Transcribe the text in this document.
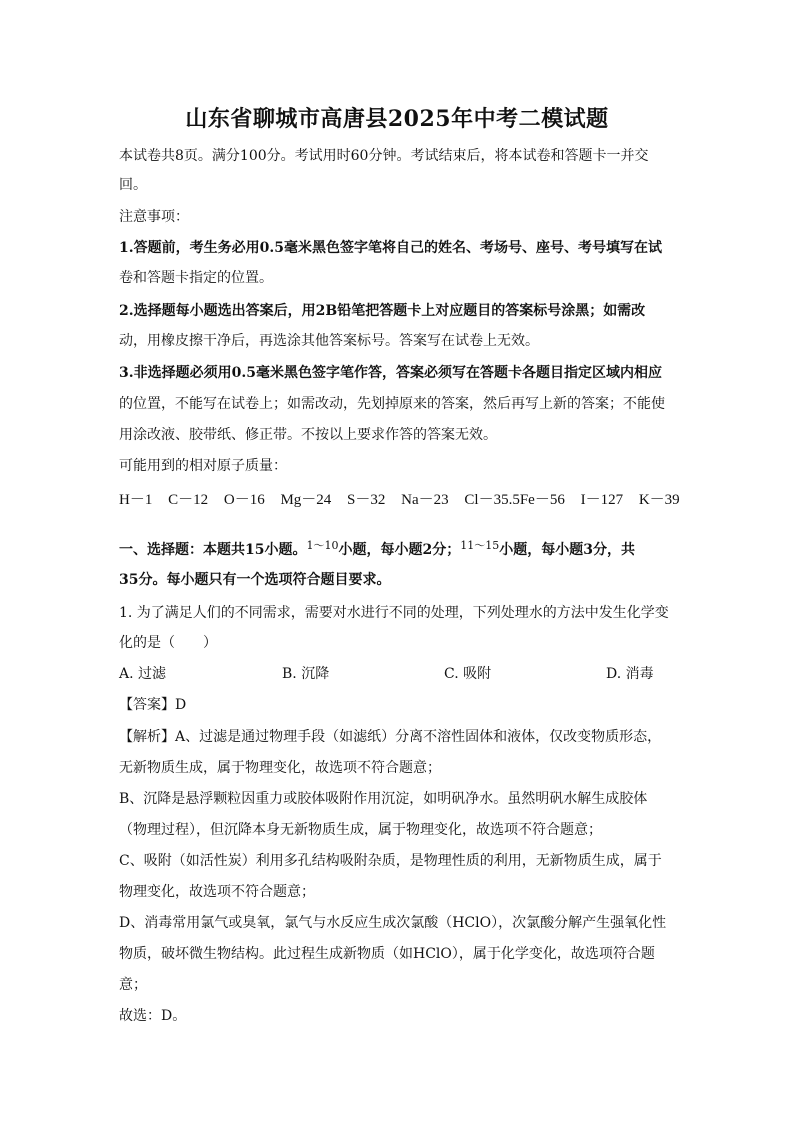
山东省聊城市高唐县2025年中考二模试题
本试卷共8页。满分100分。考试用时60分钟。考试结束后，将本试卷和答题卡一并交
回。
注意事项：
1.答题前，考生务必用0.5毫米黑色签字笔将自己的姓名、考场号、座号、考号填写在试
卷和答题卡指定的位置。
2.选择题每小题选出答案后，用2B铅笔把答题卡上对应题目的答案标号涂黑；如需改
动，用橡皮擦干净后，再选涂其他答案标号。答案写在试卷上无效。
3.非选择题必须用0.5毫米黑色签字笔作答，答案必须写在答题卡各题目指定区域内相应
的位置，不能写在试卷上；如需改动，先划掉原来的答案，然后再写上新的答案；不能使
用涂改液、胶带纸、修正带。不按以上要求作答的答案无效。
可能用到的相对原子质量：
H－1 C－12 O－16 Mg－24 S－32 Na－23 Cl－35.5Fe－56 I－127 K－39
一、选择题：本题共15小题。$^{1\sim 10}$小题，每小题2分；$^{11\sim 15}$小题，每小题3分，共
35分。每小题只有一个选项符合题目要求。
1. 为了满足人们的不同需求，需要对水进行不同的处理，下列处理水的方法中发生化学变
化的是（　　）
A. 过滤	B. 沉降	C. 吸附	D. 消毒
【答案】D
【解析】A、过滤是通过物理手段（如滤纸）分离不溶性固体和液体，仅改变物质形态，
无新物质生成，属于物理变化，故选项不符合题意；
B、沉降是悬浮颗粒因重力或胶体吸附作用沉淀，如明矾净水。虽然明矾水解生成胶体
（物理过程），但沉降本身无新物质生成，属于物理变化，故选项不符合题意；
C、吸附（如活性炭）利用多孔结构吸附杂质，是物理性质的利用，无新物质生成，属于
物理变化，故选项不符合题意；
D、消毒常用氯气或臭氧，氯气与水反应生成次氯酸（HClO），次氯酸分解产生强氧化性
物质，破坏微生物结构。此过程生成新物质（如HClO），属于化学变化，故选项符合题
意；
故选：D。
